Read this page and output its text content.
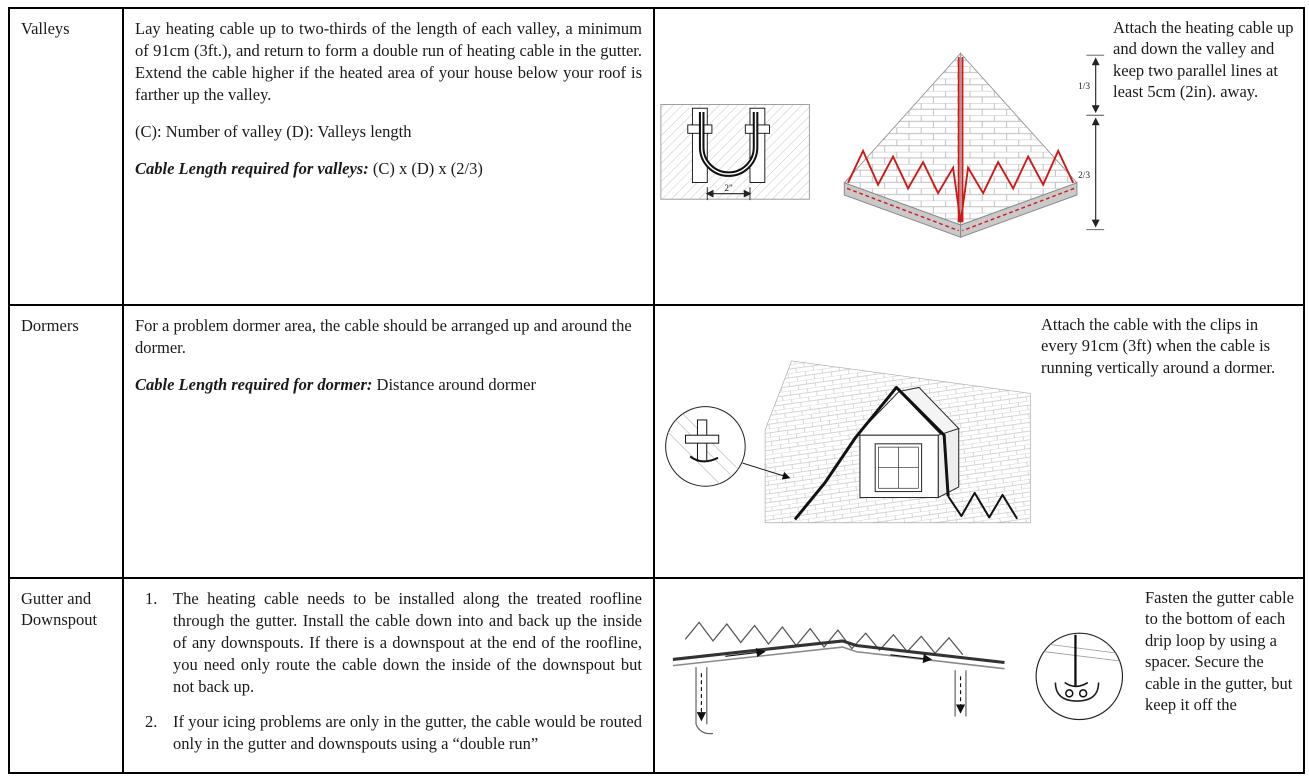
Valleys	Lay heating cable up to two-thirds of the length of each valley, a minimum of 91cm (3ft.), and return to form a double run of heating cable in the gutter. Extend the cable higher if the heated area of your house below your roof is farther up the valley.

(C): Number of valley (D): Valleys length

Cable Length required for valleys: (C) x (D) x (2/3)

2"
1/3
2/3
Attach the heating cable up and down the valley and keep two parallel lines at least 5cm (2in). away.
Dormers	For a problem dormer area, the cable should be arranged up and around the dormer.

Cable Length required for dormer: Distance around dormer

Attach the cable with the clips in every 91cm (3ft) when the cable is running vertically around a dormer.
Gutter and Downspout
1. The heating cable needs to be installed along the treated roofline through the gutter. Install the cable down into and back up the inside of any downspouts. If there is a downspout at the end of the roofline, you need only route the cable down the inside of the downspout but not back up.
2. If your icing problems are only in the gutter, the cable would be routed only in the gutter and downspouts using a “double run”
Fasten the gutter cable to the bottom of each drip loop by using a spacer. Secure the cable in the gutter, but keep it off the
